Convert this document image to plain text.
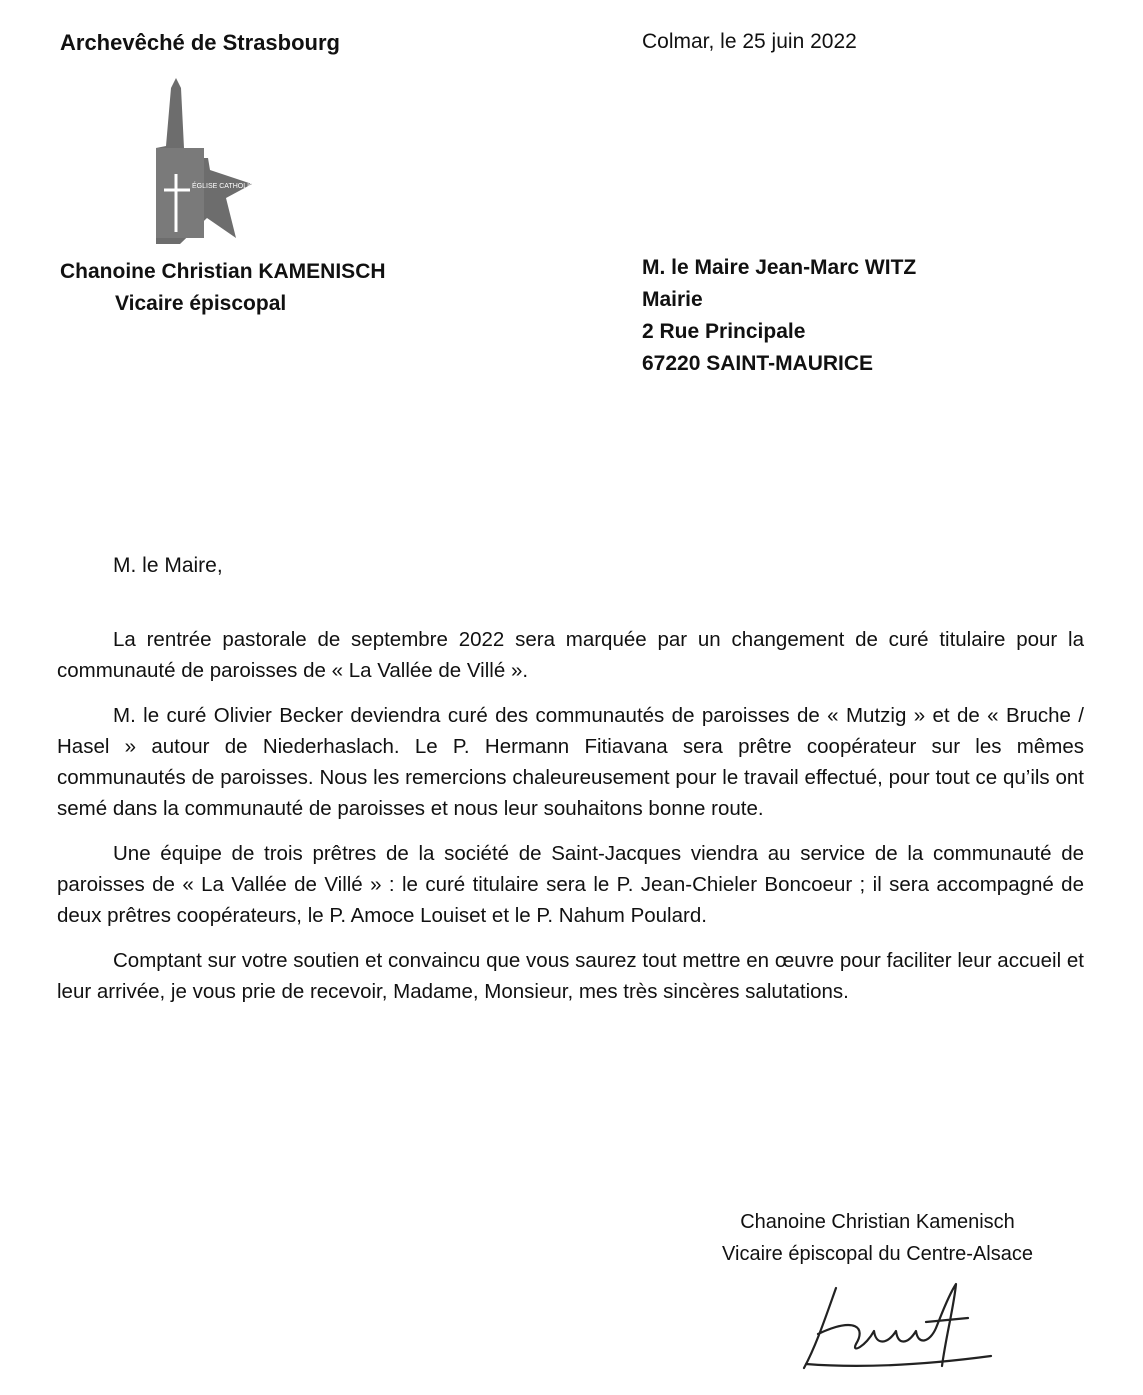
Archevêché de Strasbourg	Colmar, le 25 juin 2022
ÉGLISE CATHOLIQUE EN ALSACE
Chanoine Christian KAMENISCH
Vicaire épiscopal
M. le Maire Jean-Marc WITZ
Mairie
2 Rue Principale
67220 SAINT-MAURICE
M. le Maire,

La rentrée pastorale de septembre 2022 sera marquée par un changement de curé titulaire pour la communauté de paroisses de « La Vallée de Villé ».

M. le curé Olivier Becker deviendra curé des communautés de paroisses de « Mutzig » et de « Bruche / Hasel » autour de Niederhaslach. Le P. Hermann Fitiavana sera prêtre coopérateur sur les mêmes communautés de paroisses. Nous les remercions chaleureusement pour le travail effectué, pour tout ce qu’ils ont semé dans la communauté de paroisses et nous leur souhaitons bonne route.

Une équipe de trois prêtres de la société de Saint-Jacques viendra au service de la communauté de paroisses de « La Vallée de Villé » : le curé titulaire sera le P. Jean-Chieler Boncoeur ; il sera accompagné de deux prêtres coopérateurs, le P. Amoce Louiset et le P. Nahum Poulard.

Comptant sur votre soutien et convaincu que vous saurez tout mettre en œuvre pour faciliter leur accueil et leur arrivée, je vous prie de recevoir, Madame, Monsieur, mes très sincères salutations.

Chanoine Christian Kamenisch
Vicaire épiscopal du Centre-Alsace
